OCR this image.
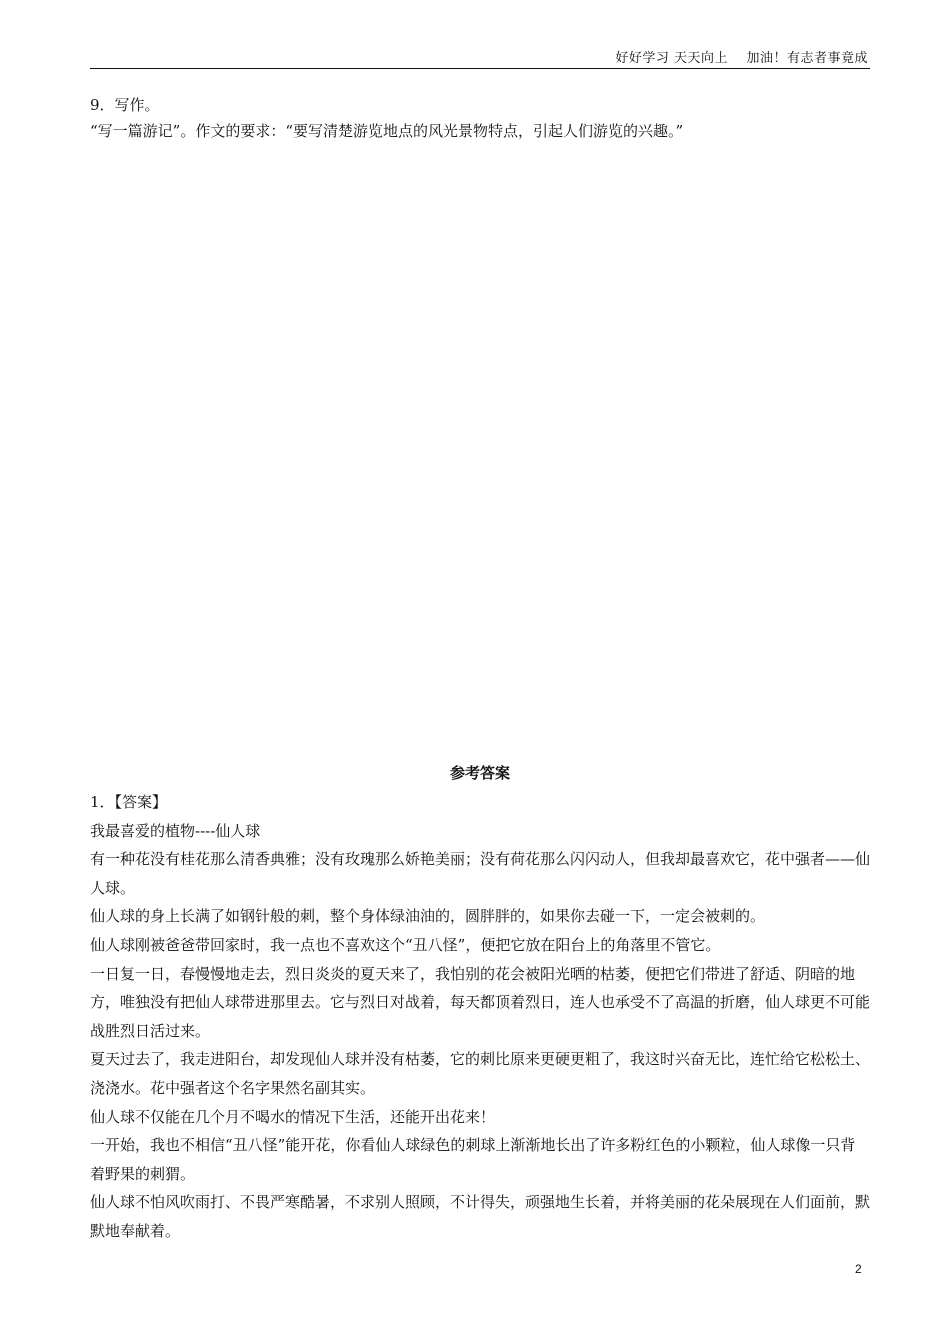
好好学习 天天向上    加油！有志者事竟成
9．写作。
“写一篇游记”。作文的要求：“要写清楚游览地点的风光景物特点，引起人们游览的兴趣。”
参考答案

1．【答案】

我最喜爱的植物----仙人球

有一种花没有桂花那么清香典雅；没有玫瑰那么娇艳美丽；没有荷花那么闪闪动人，但我却最喜欢它，花中强者——仙人球。

仙人球的身上长满了如钢针般的刺，整个身体绿油油的，圆胖胖的，如果你去碰一下，一定会被刺的。

仙人球刚被爸爸带回家时，我一点也不喜欢这个“丑八怪”，便把它放在阳台上的角落里不管它。

一日复一日，春慢慢地走去，烈日炎炎的夏天来了，我怕别的花会被阳光晒的枯萎，便把它们带进了舒适、阴暗的地方，唯独没有把仙人球带进那里去。它与烈日对战着，每天都顶着烈日，连人也承受不了高温的折磨，仙人球更不可能战胜烈日活过来。

夏天过去了，我走进阳台，却发现仙人球并没有枯萎，它的刺比原来更硬更粗了，我这时兴奋无比，连忙给它松松土、浇浇水。花中强者这个名字果然名副其实。

仙人球不仅能在几个月不喝水的情况下生活，还能开出花来！

一开始，我也不相信“丑八怪”能开花，你看仙人球绿色的刺球上渐渐地长出了许多粉红色的小颗粒，仙人球像一只背着野果的刺猬。

仙人球不怕风吹雨打、不畏严寒酷暑，不求别人照顾，不计得失，顽强地生长着，并将美丽的花朵展现在人们面前，默默地奉献着。

2
